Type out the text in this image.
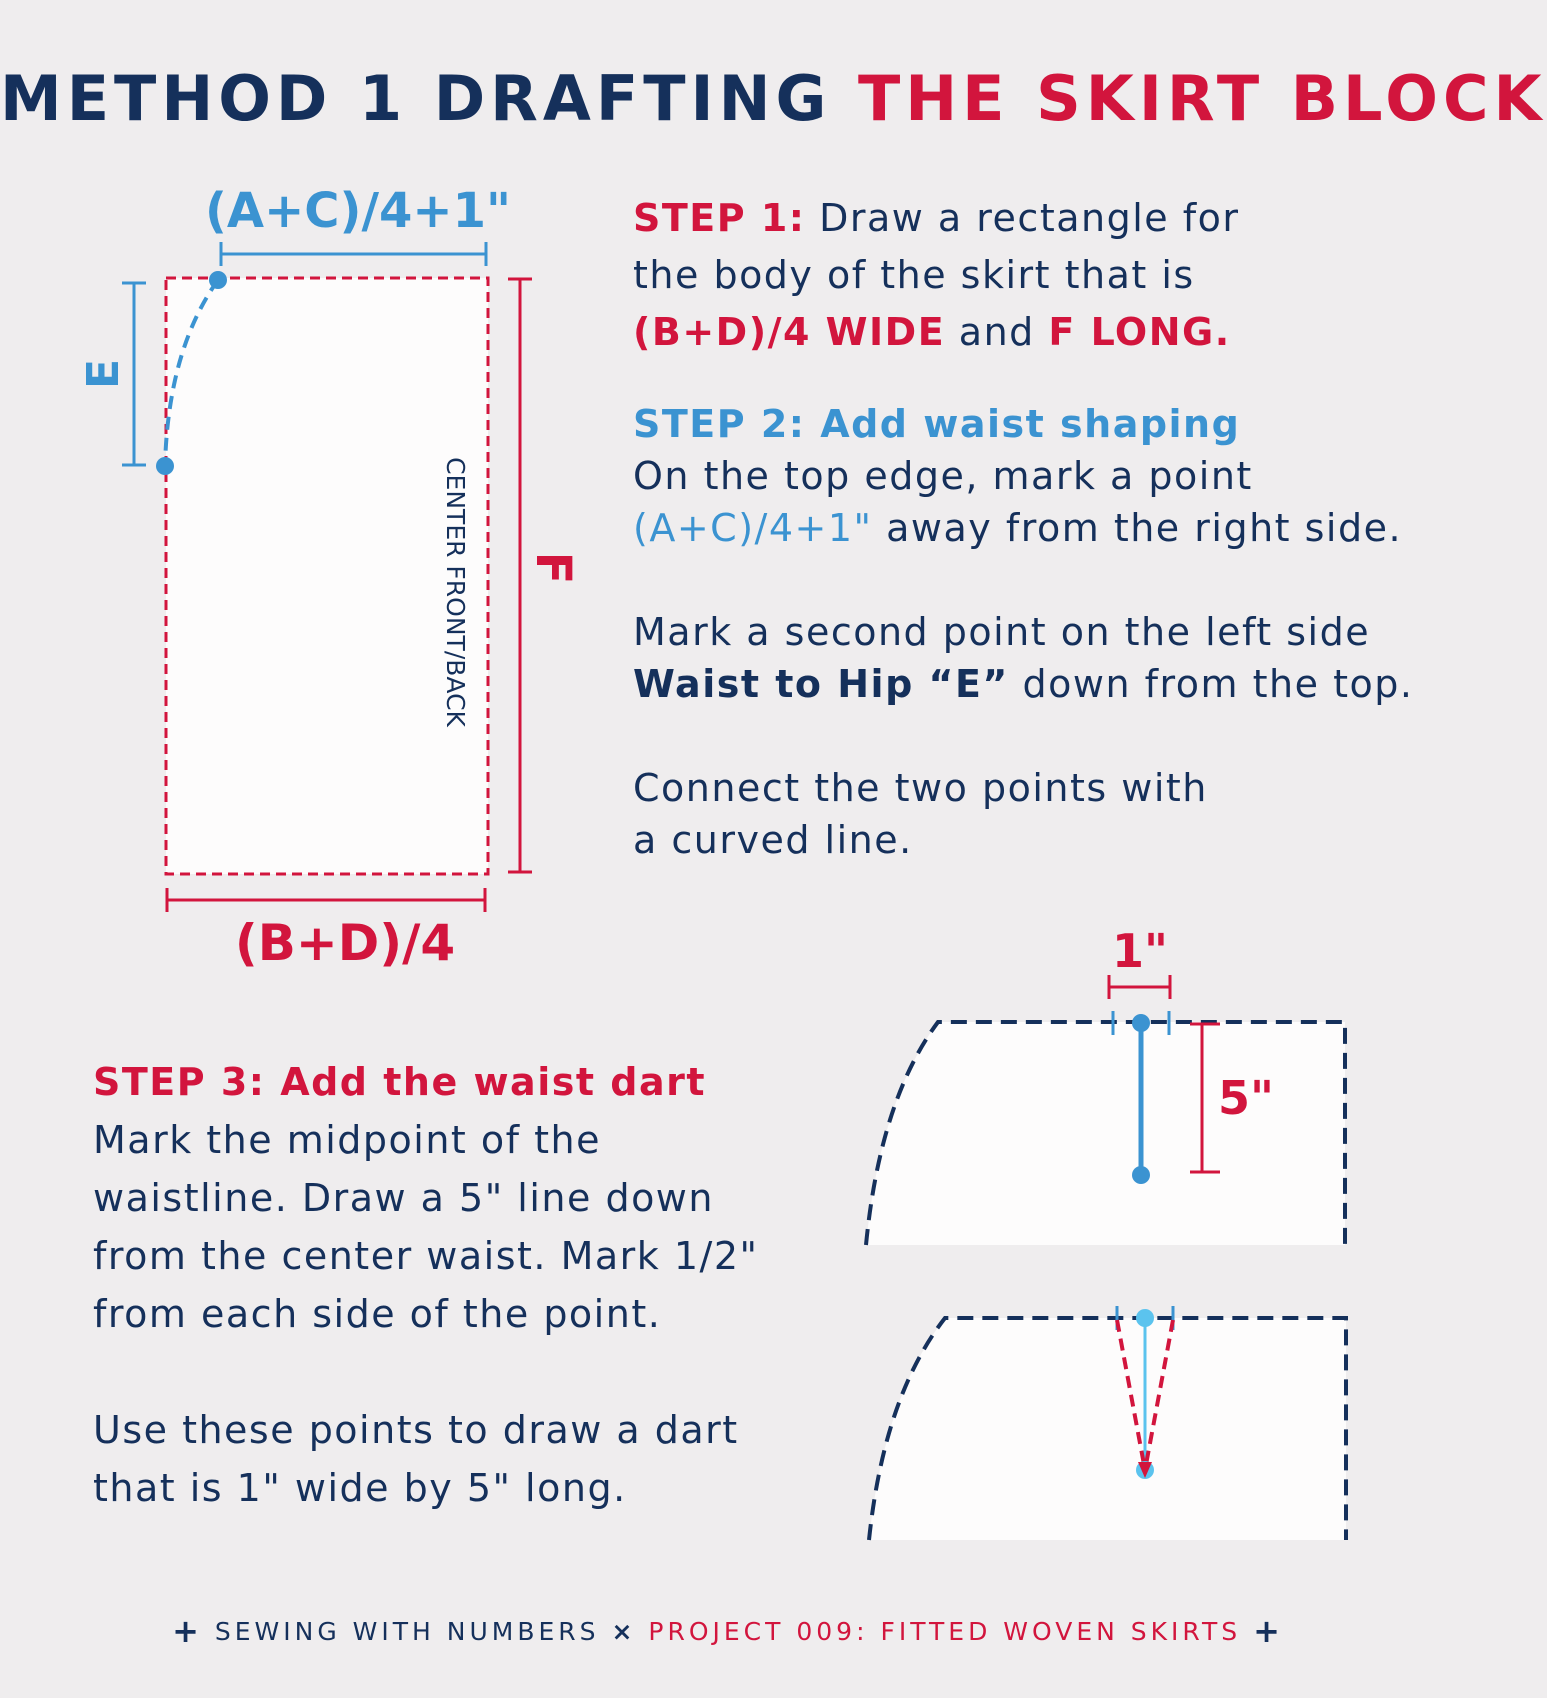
METHOD 1 DRAFTING THE SKIRT BLOCK
(A+C)/4+1"
E
F
(B+D)/4
CENTER FRONT/BACK
1"
5"

STEP 1: Draw a rectangle for

the body of the skirt that is

(B+D)/4 WIDE and F LONG.

STEP 2: Add waist shaping

On the top edge, mark a point

(A+C)/4+1" away from the right side.

Mark a second point on the left side

Waist to Hip “E” down from the top.

Connect the two points with

a curved line.

STEP 3: Add the waist dart

Mark the midpoint of the

waistline. Draw a 5" line down

from the center waist. Mark 1/2"

from each side of the point.

Use these points to draw a dart

that is 1" wide by 5" long.

+ SEWING WITH NUMBERS × PROJECT 009: FITTED WOVEN SKIRTS +
